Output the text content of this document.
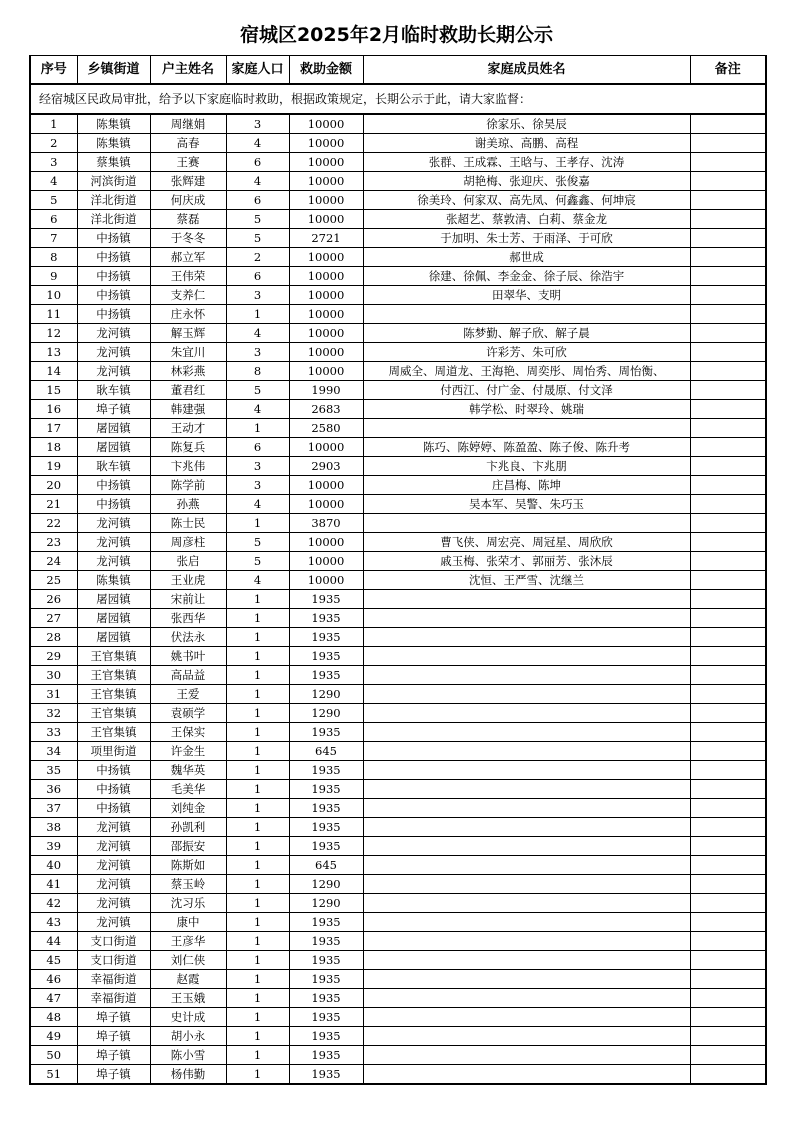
宿城区2025年2月临时救助长期公示
经宿城区民政局审批，给予以下家庭临时救助，根据政策规定，长期公示于此，请大家监督：						
序号	乡镇街道	户主姓名	家庭人口	救助金额	家庭成员姓名	备注
1	陈集镇	周继娟	3	10000	徐家乐、徐昊辰	
2	陈集镇	高春	4	10000	谢美琼、高鹏、高程	
3	蔡集镇	王赛	6	10000	张群、王成霖、王晗与、王孝存、沈涛	
4	河滨街道	张辉建	4	10000	胡艳梅、张迎庆、张俊嘉	
5	洋北街道	何庆成	6	10000	徐美玲、何家双、高先凤、何鑫鑫、何坤宸	
6	洋北街道	蔡磊	5	10000	张超艺、蔡敦清、白莉、蔡金龙	
7	中扬镇	于冬冬	5	2721	于加明、朱士芳、于雨泽、于可欣	
8	中扬镇	郝立军	2	10000	郝世成	
9	中扬镇	王伟荣	6	10000	徐建、徐佩、李金金、徐子辰、徐浩宇	
10	中扬镇	支养仁	3	10000	田翠华、支明	
11	中扬镇	庄永怀	1	10000		
12	龙河镇	解玉辉	4	10000	陈梦勤、解子欣、解子晨	
13	龙河镇	朱宜川	3	10000	许彩芳、朱可欣	
14	龙河镇	林彩燕	8	10000	周威全、周道龙、王海艳、周奕彤、周怡秀、周怡衡、	
15	耿车镇	董君红	5	1990	付西江、付广金、付晟原、付文泽	
16	埠子镇	韩建强	4	2683	韩学松、时翠玲、姚瑞	
17	屠园镇	王动才	1	2580		
18	屠园镇	陈复兵	6	10000	陈巧、陈婷婷、陈盈盈、陈子俊、陈升考	
19	耿车镇	卞兆伟	3	2903	卞兆良、卞兆朋	
20	中扬镇	陈学前	3	10000	庄昌梅、陈坤	
21	中扬镇	孙燕	4	10000	吴本军、吴警、朱巧玉	
22	龙河镇	陈士民	1	3870		
23	龙河镇	周彦柱	5	10000	曹飞侠、周宏亮、周冠星、周欣欣	
24	龙河镇	张启	5	10000	戚玉梅、张荣才、郭丽芳、张沐辰	
25	陈集镇	王业虎	4	10000	沈恒、王严雪、沈继兰	
26	屠园镇	宋前让	1	1935		
27	屠园镇	张西华	1	1935		
28	屠园镇	伏法永	1	1935		
29	王官集镇	姚书叶	1	1935		
30	王官集镇	高品益	1	1935		
31	王官集镇	王爱	1	1290		
32	王官集镇	袁硕学	1	1290		
33	王官集镇	王保实	1	1935		
34	项里街道	许金生	1	645		
35	中扬镇	魏华英	1	1935		
36	中扬镇	毛美华	1	1935		
37	中扬镇	刘纯金	1	1935		
38	龙河镇	孙凯利	1	1935		
39	龙河镇	邵振安	1	1935		
40	龙河镇	陈斯如	1	645		
41	龙河镇	蔡玉岭	1	1290		
42	龙河镇	沈习乐	1	1290		
43	龙河镇	康中	1	1935		
44	支口街道	王彦华	1	1935		
45	支口街道	刘仁侠	1	1935		
46	幸福街道	赵霞	1	1935		
47	幸福街道	王玉娥	1	1935		
48	埠子镇	史计成	1	1935		
49	埠子镇	胡小永	1	1935		
50	埠子镇	陈小雪	1	1935		
51	埠子镇	杨伟勤	1	1935		
